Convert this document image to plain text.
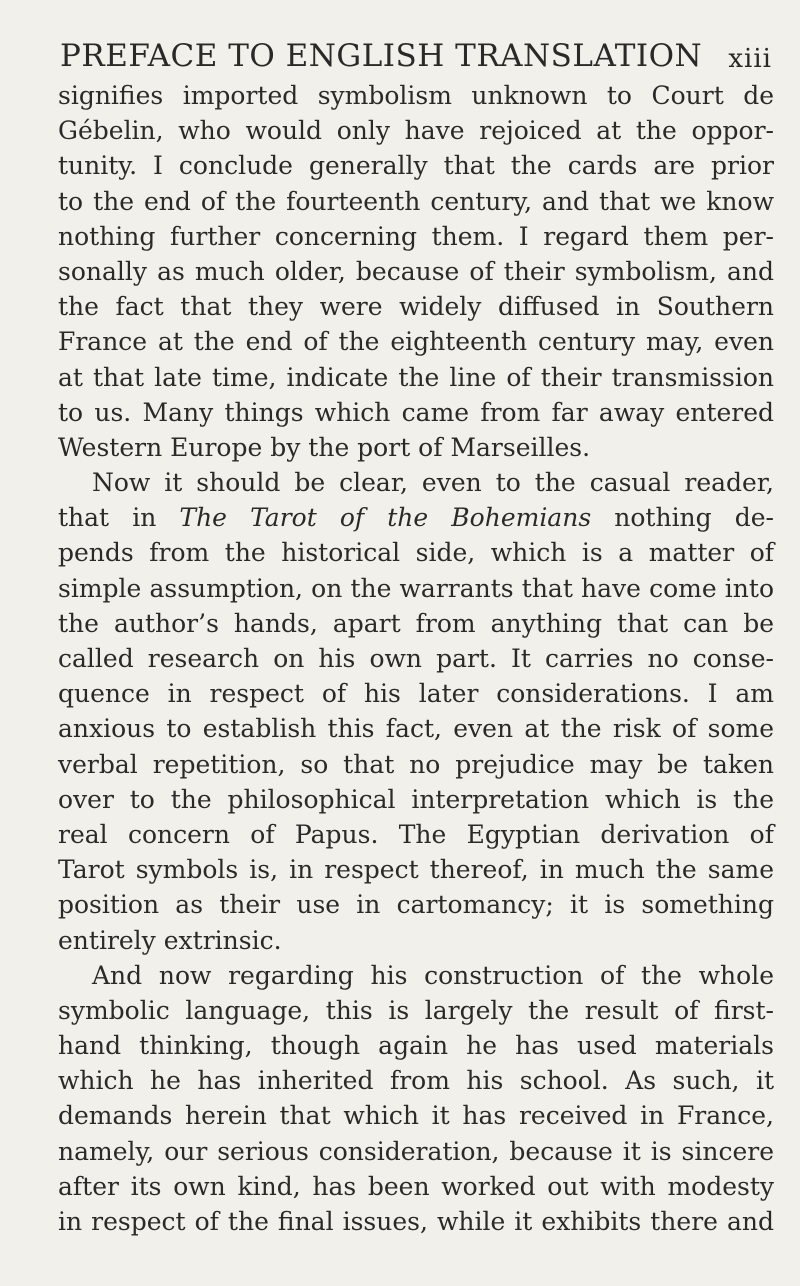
PREFACE TO ENGLISH TRANSLATION xiii
signifies imported symbolism unknown to Court de
Gébelin, who would only have rejoiced at the oppor-
tunity. I conclude generally that the cards are prior
to the end of the fourteenth century, and that we know
nothing further concerning them. I regard them per-
sonally as much older, because of their symbolism, and
the fact that they were widely diffused in Southern
France at the end of the eighteenth century may, even
at that late time, indicate the line of their transmission
to us. Many things which came from far away entered
Western Europe by the port of Marseilles.
Now it should be clear, even to the casual reader,
that in The Tarot of the Bohemians nothing de-
pends from the historical side, which is a matter of
simple assumption, on the warrants that have come into
the author’s hands, apart from anything that can be
called research on his own part. It carries no conse-
quence in respect of his later considerations. I am
anxious to establish this fact, even at the risk of some
verbal repetition, so that no prejudice may be taken
over to the philosophical interpretation which is the
real concern of Papus. The Egyptian derivation of
Tarot symbols is, in respect thereof, in much the same
position as their use in cartomancy; it is something
entirely extrinsic.
And now regarding his construction of the whole
symbolic language, this is largely the result of first-
hand thinking, though again he has used materials
which he has inherited from his school. As such, it
demands herein that which it has received in France,
namely, our serious consideration, because it is sincere
after its own kind, has been worked out with modesty
in respect of the final issues, while it exhibits there and
